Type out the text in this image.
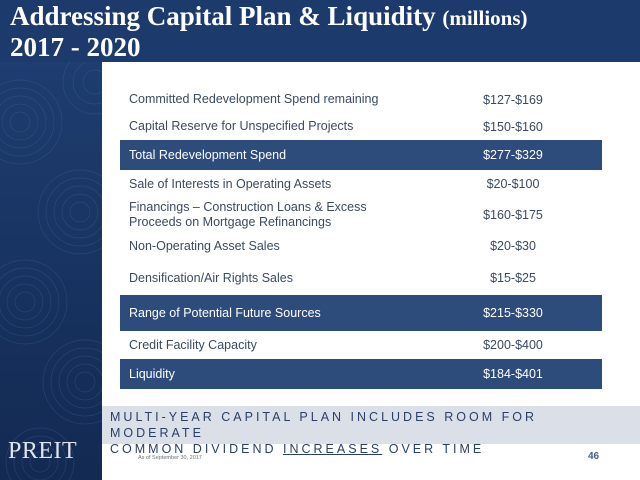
Addressing Capital Plan & Liquidity (millions)
2017 - 2020
PREIT
Committed Redevelopment Spend remaining	$127-$169
Capital Reserve for Unspecified Projects	$150-$160
Total Redevelopment Spend	$277-$329
Sale of Interests in Operating Assets	$20-$100
Financings – Construction Loans & Excess
Proceeds on Mortgage Refinancings	$160-$175
Non-Operating Asset Sales	$20-$30
Densification/Air Rights Sales	$15-$25
Range of Potential Future Sources	$215-$330
Credit Facility Capacity	$200-$400
Liquidity	$184-$401
MULTI-YEAR CAPITAL PLAN INCLUDES ROOM FOR MODERATE
COMMON DIVIDEND INCREASES OVER TIME
As of September 30, 2017	46
